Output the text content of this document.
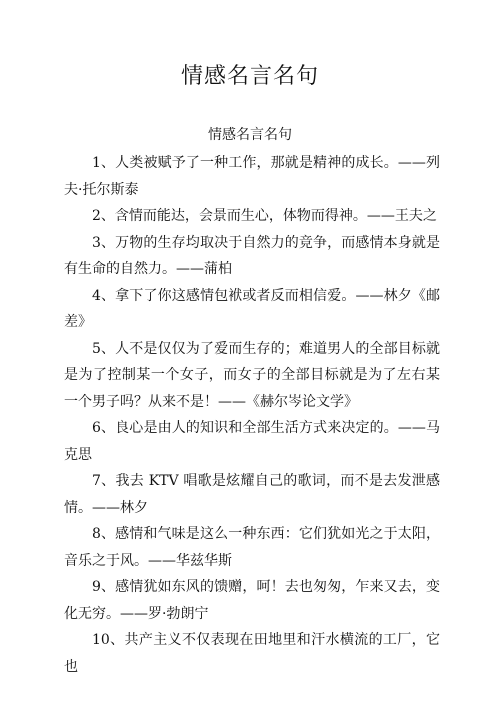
情感名言名句
情感名言名句

1、人类被赋予了一种工作，那就是精神的成长。——列夫·托尔斯泰

2、含情而能达，会景而生心，体物而得神。——王夫之

3、万物的生存均取决于自然力的竞争，而感情本身就是有生命的自然力。——蒲柏

4、拿下了你这感情包袱或者反而相信爱。——林夕《邮差》

5、人不是仅仅为了爱而生存的；难道男人的全部目标就是为了控制某一个女子，而女子的全部目标就是为了左右某一个男子吗？从来不是！——《赫尔岑论文学》

6、良心是由人的知识和全部生活方式来决定的。——马克思

7、我去 KTV 唱歌是炫耀自己的歌词，而不是去发泄感情。——林夕

8、感情和气味是这么一种东西：它们犹如光之于太阳，音乐之于风。——华兹华斯

9、感情犹如东风的馈赠，呵！去也匆匆，乍来又去，变化无穷。——罗·勃朗宁

10、共产主义不仅表现在田地里和汗水横流的工厂，它也
